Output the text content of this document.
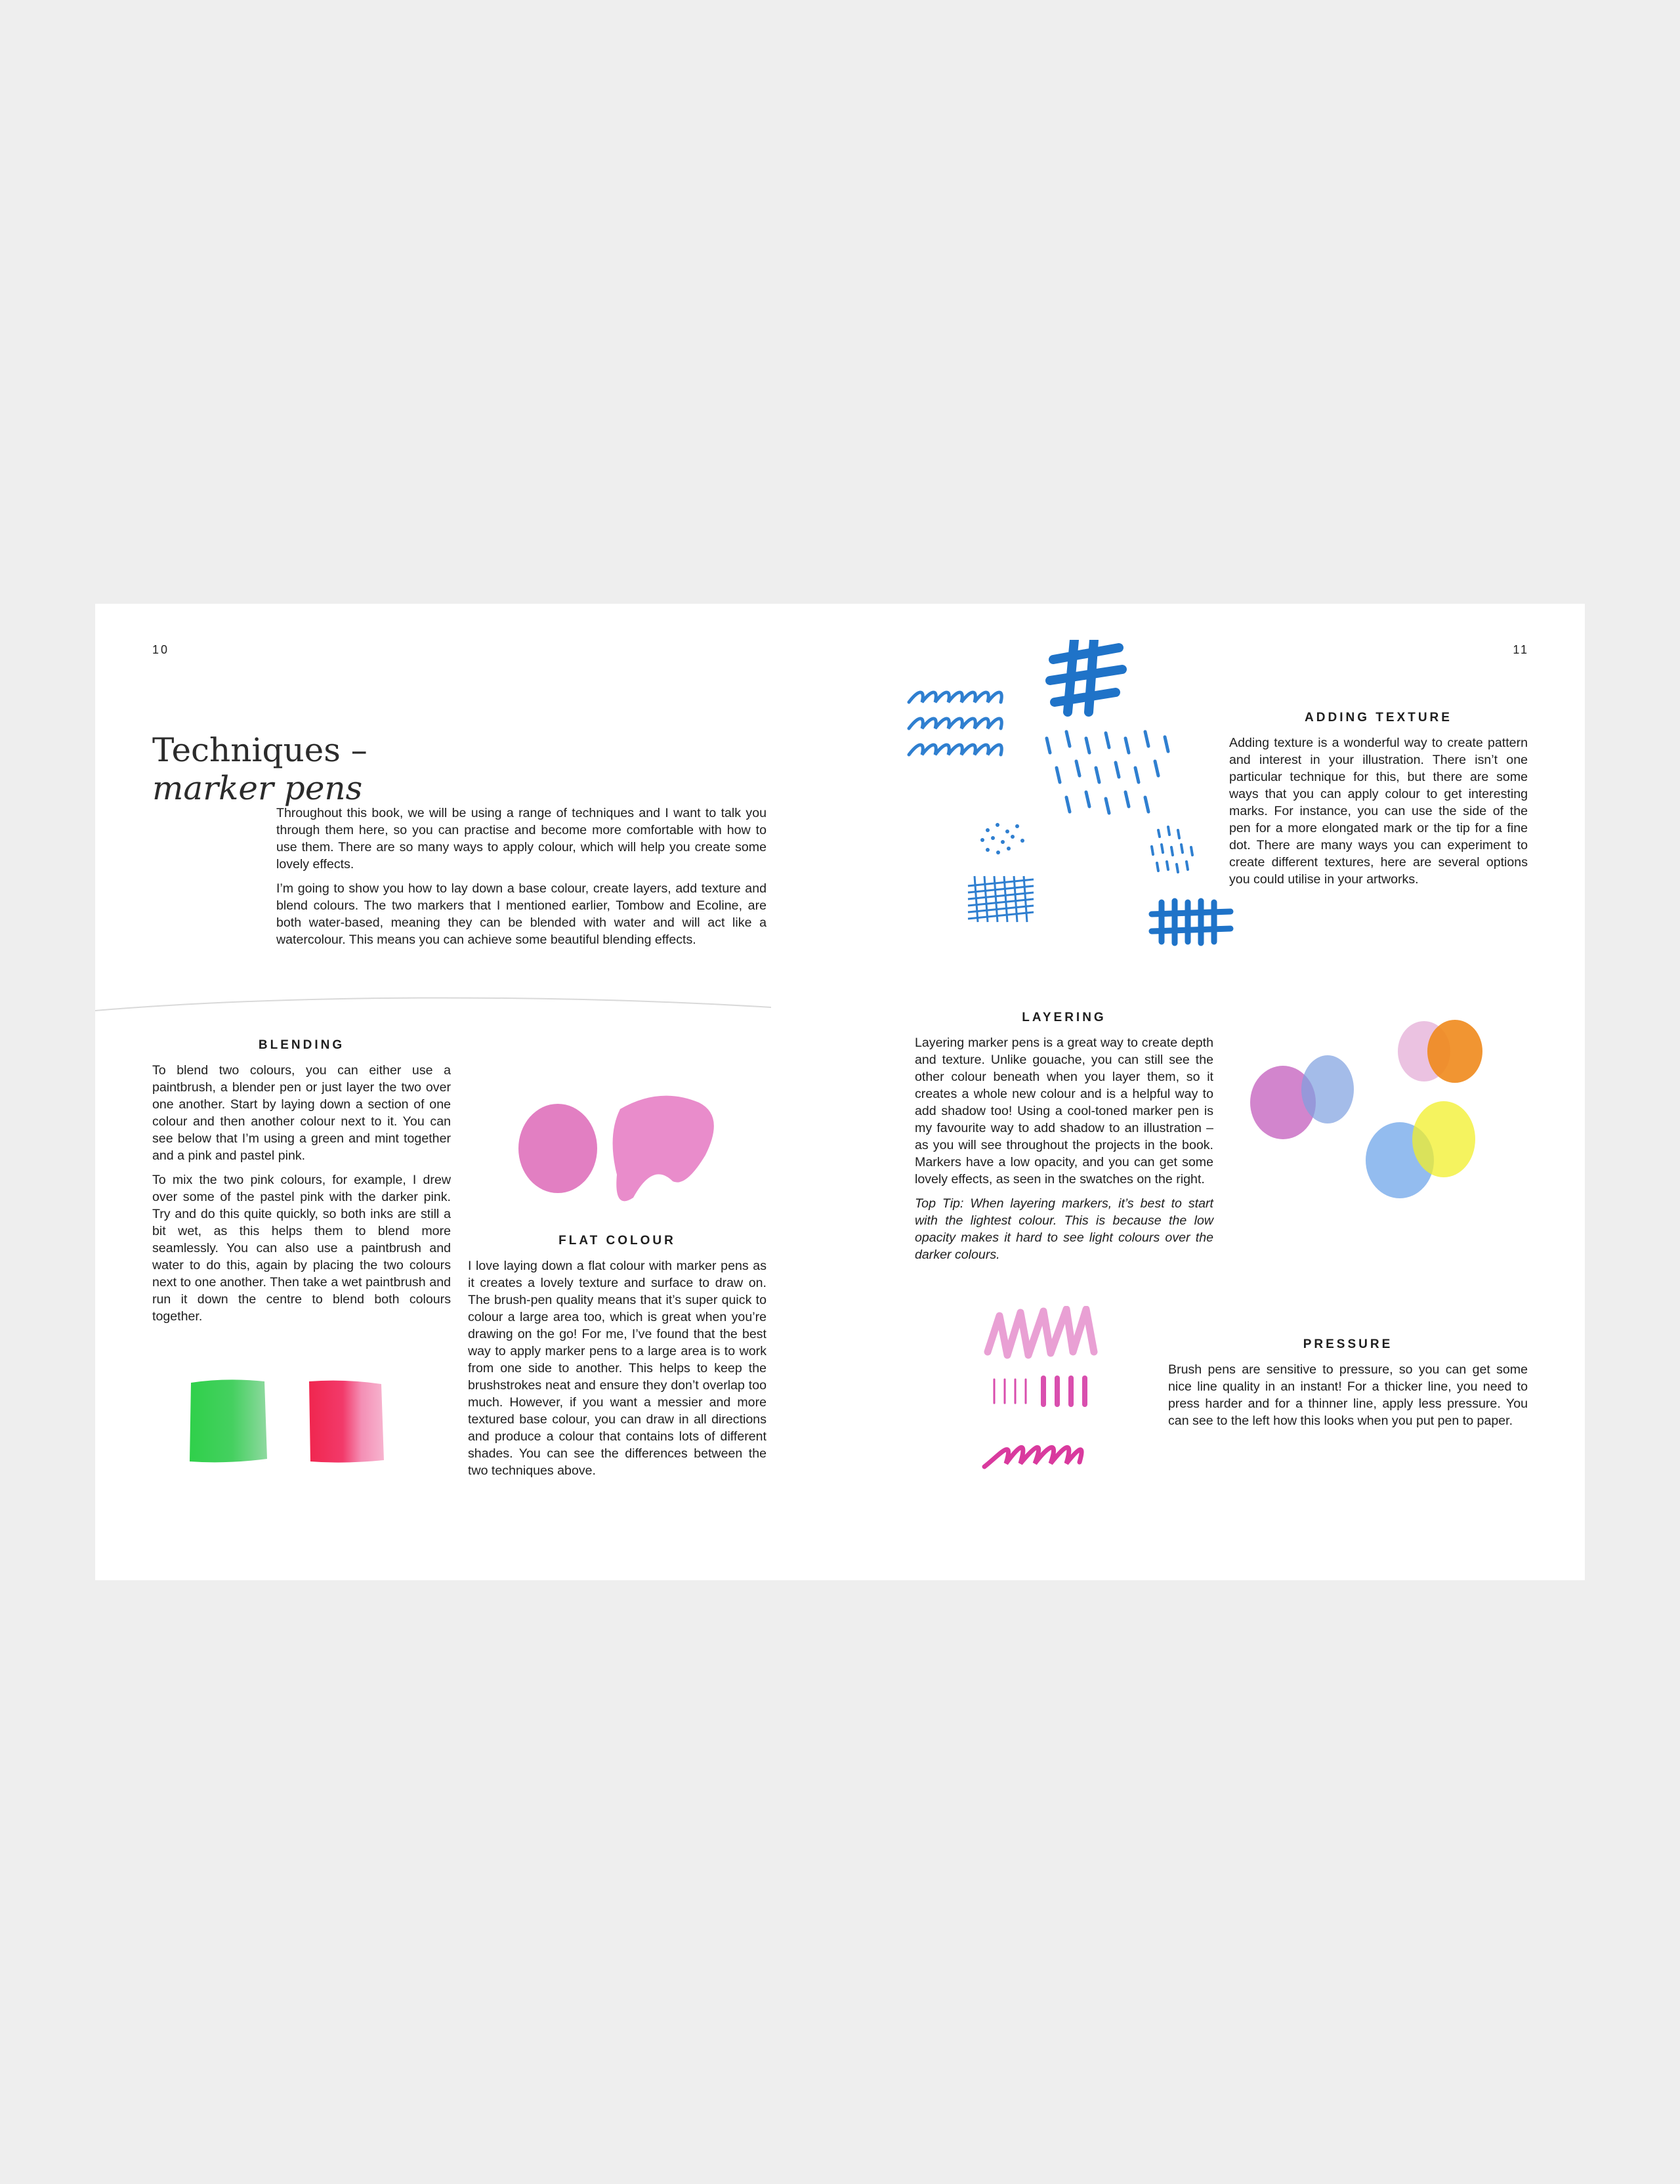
10	11
Techniques –
marker pens

Throughout this book, we will be using a range of techniques and I want to talk you through them here, so you can practise and become more comfortable with how to use them. There are so many ways to apply colour, which will help you create some lovely effects.

I’m going to show you how to lay down a base colour, create layers, add texture and blend colours. The two markers that I mentioned earlier, Tombow and Ecoline, are both water-based, meaning they can be blended with water and will act like a watercolour. This means you can achieve some beautiful blending effects.

BLENDING

To blend two colours, you can either use a paintbrush, a blender pen or just layer the two over one another. Start by laying down a section of one colour and then another colour next to it. You can see below that I’m using a green and mint together and a pink and pastel pink.

To mix the two pink colours, for example, I drew over some of the pastel pink with the darker pink. Try and do this quite quickly, so both inks are still a bit wet, as this helps them to blend more seamlessly. You can also use a paintbrush and water to do this, again by placing the two colours next to one another. Then take a wet paintbrush and run it down the centre to blend both colours together.

FLAT COLOUR

I love laying down a flat colour with marker pens as it creates a lovely texture and surface to draw on. The brush-pen quality means that it’s super quick to colour a large area too, which is great when you’re drawing on the go! For me, I’ve found that the best way to apply marker pens to a large area is to work from one side to another. This helps to keep the brushstrokes neat and ensure they don’t overlap too much. However, if you want a messier and more textured base colour, you can draw in all directions and produce a colour that contains lots of different shades. You can see the differences between the two techniques above.

ADDING TEXTURE

Adding texture is a wonderful way to create pattern and interest in your illustration. There isn’t one particular technique for this, but there are some ways that you can apply colour to get interesting marks. For instance, you can use the side of the pen for a more elongated mark or the tip for a fine dot. There are many ways you can experiment to create different textures, here are several options you could utilise in your artworks.

LAYERING

Layering marker pens is a great way to create depth and texture. Unlike gouache, you can still see the other colour beneath when you layer them, so it creates a whole new colour and is a helpful way to add shadow too! Using a cool-toned marker pen is my favourite way to add shadow to an illustration – as you will see throughout the projects in the book. Markers have a low opacity, and you can get some lovely effects, as seen in the swatches on the right.

Top Tip: When layering markers, it’s best to start with the lightest colour. This is because the low opacity makes it hard to see light colours over the darker colours.

PRESSURE

Brush pens are sensitive to pressure, so you can get some nice line quality in an instant! For a thicker line, you need to press harder and for a thinner line, apply less pressure. You can see to the left how this looks when you put pen to paper.
